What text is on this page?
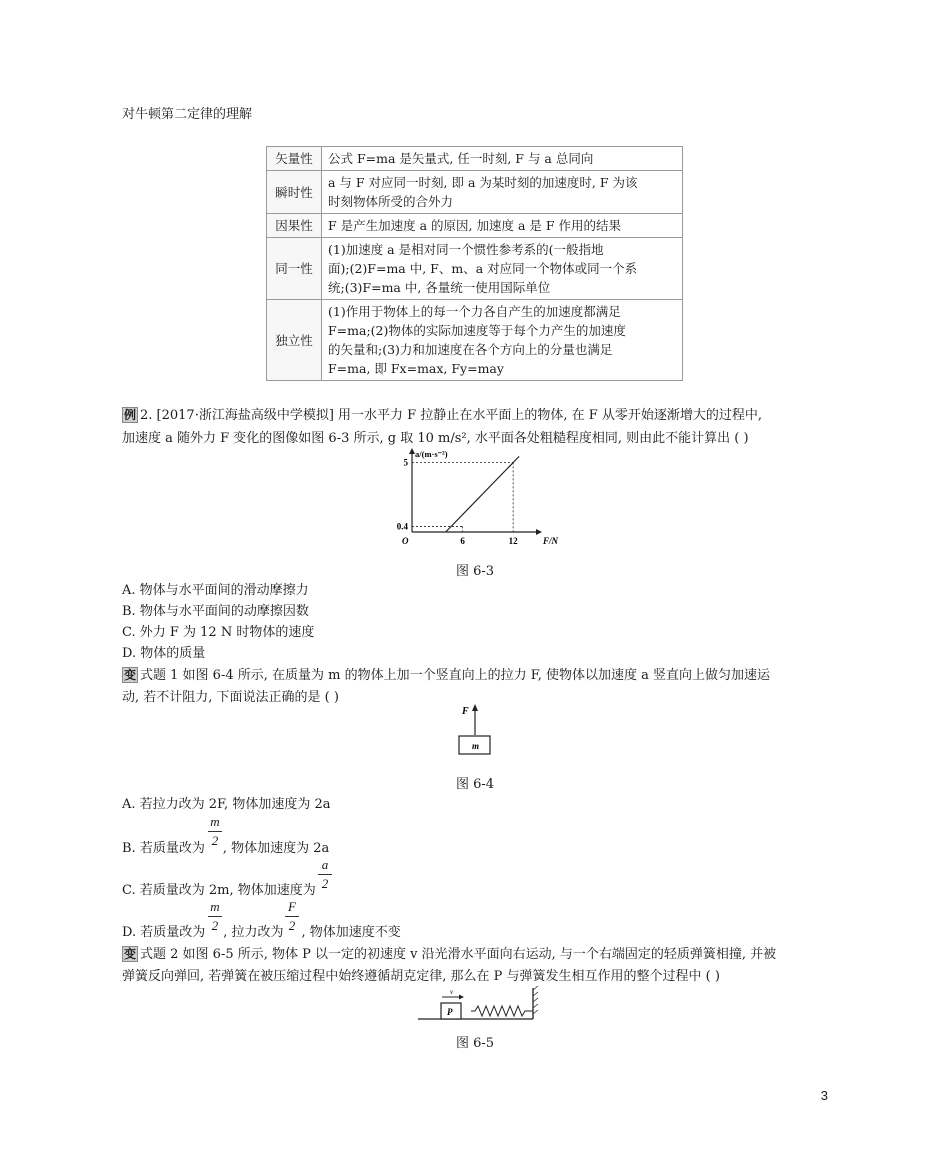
对牛顿第二定律的理解
矢量性	公式 F=ma 是矢量式, 任一时刻, F 与 a 总同向

瞬时性	a 与 F 对应同一时刻, 即 a 为某时刻的加速度时, F 为该
时刻物体所受的合外力

因果性	F 是产生加速度 a 的原因, 加速度 a 是 F 作用的结果

同一性	(1)加速度 a 是相对同一个惯性参考系的(一般指地
面);(2)F=ma 中, F、m、a 对应同一个物体或同一个系
统;(3)F=ma 中, 各量统一使用国际单位

独立性	(1)作用于物体上的每一个力各自产生的加速度都满足
F=ma;(2)物体的实际加速度等于每个力产生的加速度
的矢量和;(3)力和加速度在各个方向上的分量也满足
F=ma, 即 Fx=max, Fy=may
例 2. [2017·浙江海盐高级中学模拟] 用一水平力 F 拉静止在水平面上的物体, 在 F 从零开始逐渐增大的过程中,
加速度 a 随外力 F 变化的图像如图 6-3 所示, g 取 10 m/s², 水平面各处粗糙程度相同, 则由此不能计算出 ( )
6	12
0.4
5
O
a/(m·s⁻²)
F/N
图 6-3
A. 物体与水平面间的滑动摩擦力
B. 物体与水平面间的动摩擦因数
C. 外力 F 为 12 N 时物体的速度
D. 物体的质量
变 式题 1 如图 6-4 所示, 在质量为 m 的物体上加一个竖直向上的拉力 F, 使物体以加速度 a 竖直向上做匀加速运
动, 若不计阻力, 下面说法正确的是 ( )
F
m
图 6-4
A. 若拉力改为 2F, 物体加速度为 2a
m
2
B. 若质量改为 , 物体加速度为 2a
a
2
C. 若质量改为 2m, 物体加速度为
m
2
F
2
D. 若质量改为 , 拉力改为 , 物体加速度不变
变 式题 2 如图 6-5 所示, 物体 P 以一定的初速度 v 沿光滑水平面向右运动, 与一个右端固定的轻质弹簧相撞, 并被
弹簧反向弹回, 若弹簧在被压缩过程中始终遵循胡克定律, 那么在 P 与弹簧发生相互作用的整个过程中 ( )
P
v
图 6-5
3
